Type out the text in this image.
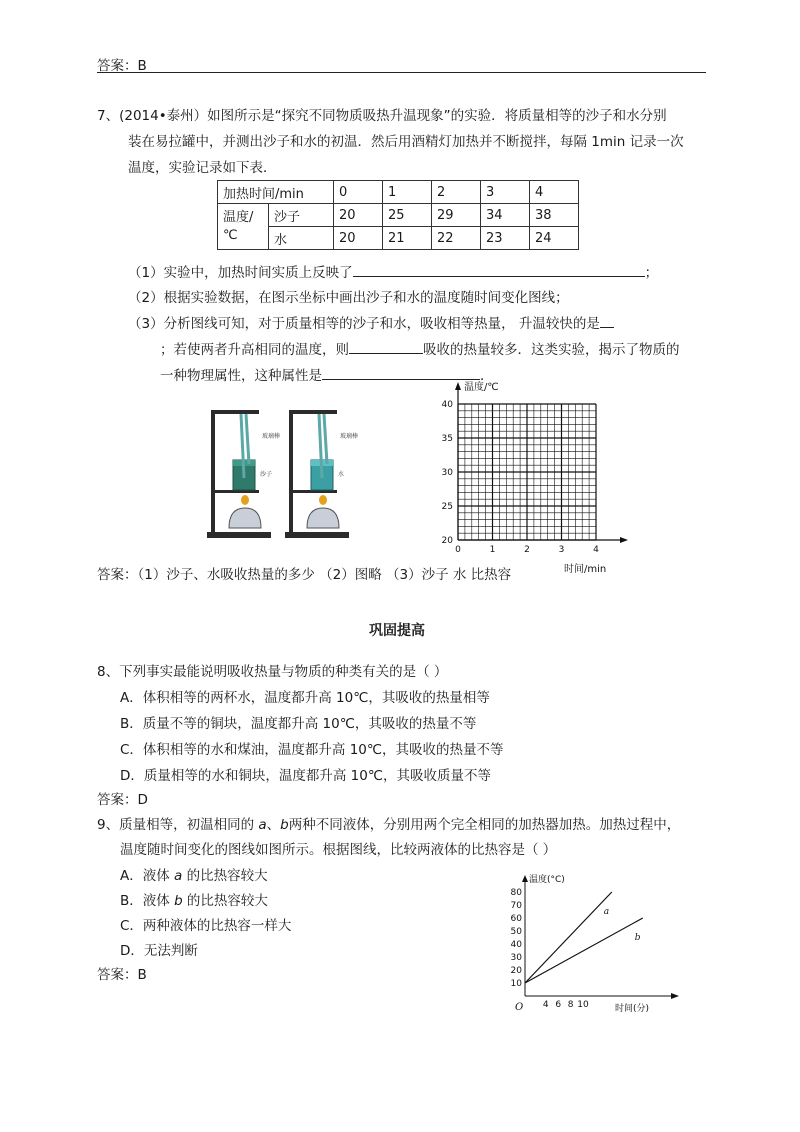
答案：B
7、(2014•泰州）如图所示是“探究不同物质吸热升温现象”的实验．将质量相等的沙子和水分别
装在易拉罐中，并测出沙子和水的初温．然后用酒精灯加热并不断搅拌，每隔 1min 记录一次
温度，实验记录如下表．
加热时间/min		0	1	2	3	4
温度/℃	沙子	20	25	29	34	38
	水	20	21	22	23	24
（1）实验中，加热时间实质上反映了	；
（2）根据实验数据，在图示坐标中画出沙子和水的温度随时间变化图线；
（3）分析图线可知，对于质量相等的沙子和水，吸收相等热量， 升温较快的是
；若使两者升高相同的温度，则	吸收的热量较多．这类实验，揭示了物质的
一种物理属性，这种属性是	．
玻璃棒
沙子
玻璃棒
水
20
25
30
35
40
0	1	2	3	4
温度/℃
时间/min
答案：（1）沙子、水吸收热量的多少 （2）图略 （3）沙子 水 比热容
巩固提高
8、下列事实最能说明吸收热量与物质的种类有关的是（ ）
A．体积相等的两杯水，温度都升高 10℃，其吸收的热量相等
B．质量不等的铜块，温度都升高 10℃，其吸收的热量不等
C．体积相等的水和煤油，温度都升高 10℃，其吸收的热量不等
D．质量相等的水和铜块，温度都升高 10℃，其吸收质量不等
答案：D
9、质量相等，初温相同的 a、b两种不同液体，分别用两个完全相同的加热器加热。加热过程中，
温度随时间变化的图线如图所示。根据图线，比较两液体的比热容是（ ）
A．液体 a 的比热容较大
B．液体 b 的比热容较大
C．两种液体的比热容一样大
D．无法判断
答案：B
10
20
30
40
50
60
70
80
4 6 8 10
a
b
温度(°C)
时间(分)
O
